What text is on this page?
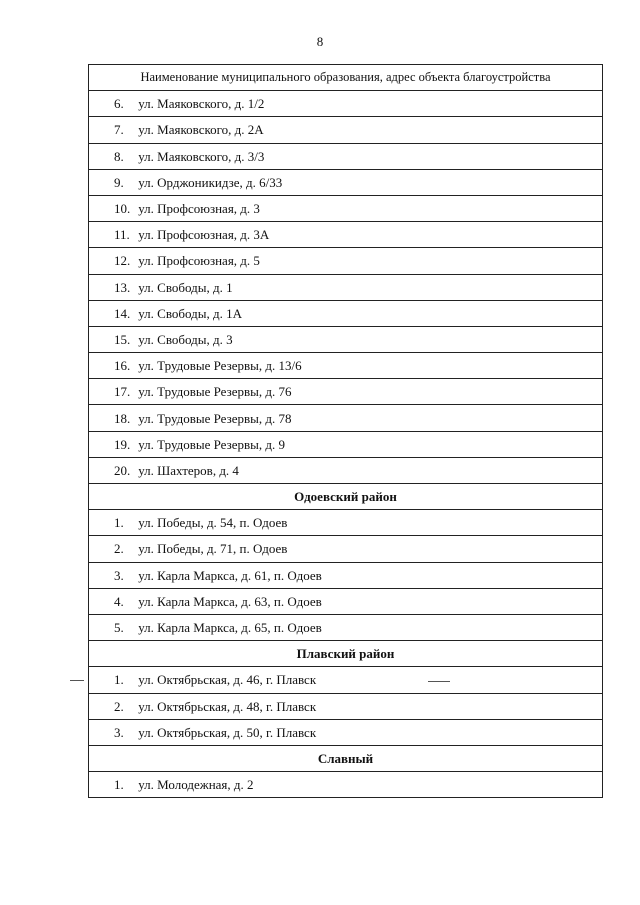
8
Наименование муниципального образования, адрес объекта благоустройства
6. ул. Маяковского, д. 1/2
7. ул. Маяковского, д. 2А
8. ул. Маяковского, д. 3/3
9. ул. Орджоникидзе, д. 6/33
10. ул. Профсоюзная, д. 3
11. ул. Профсоюзная, д. 3А
12. ул. Профсоюзная, д. 5
13. ул. Свободы, д. 1
14. ул. Свободы, д. 1А
15. ул. Свободы, д. 3
16. ул. Трудовые Резервы, д. 13/6
17. ул. Трудовые Резервы, д. 76
18. ул. Трудовые Резервы, д. 78
19. ул. Трудовые Резервы, д. 9
20. ул. Шахтеров, д. 4
Одоевский район
1. ул. Победы, д. 54, п. Одоев
2. ул. Победы, д. 71, п. Одоев
3. ул. Карла Маркса, д. 61, п. Одоев
4. ул. Карла Маркса, д. 63, п. Одоев
5. ул. Карла Маркса, д. 65, п. Одоев
Плавский район
1. ул. Октябрьская, д. 46, г. Плавск
2. ул. Октябрьская, д. 48, г. Плавск
3. ул. Октябрьская, д. 50, г. Плавск
Славный
1. ул. Молодежная, д. 2
